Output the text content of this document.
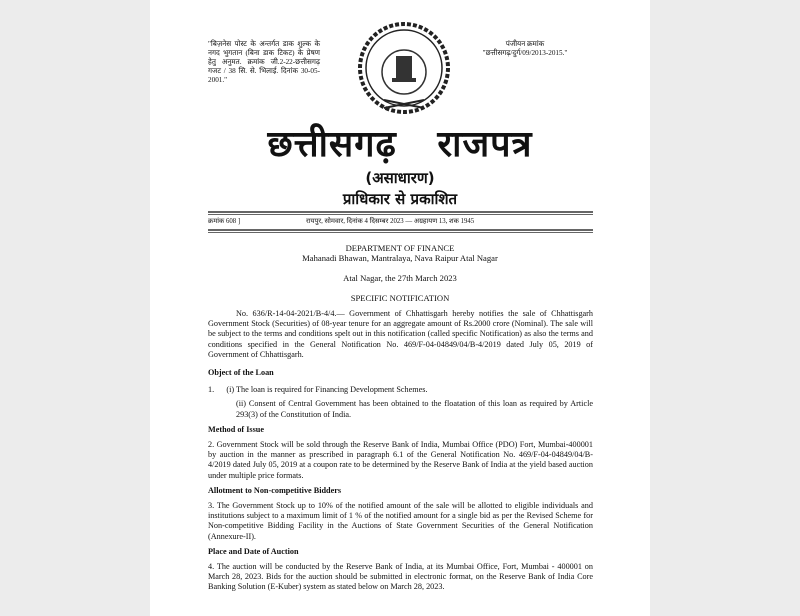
"बिज़नेस पोस्ट के अन्तर्गत डाक शुल्क के नगद भुगतान (बिना डाक टिकट) के प्रेषण हेतु अनुमत. क्रमांक जी.2-22-छत्तीसगढ़ गजट / 38 सि. से. भिलाई. दिनांक 30-05-2001."
पंजीयन क्रमांक
"छत्तीसगढ़/दुर्ग/09/2013-2015."
छत्तीसगढ़   राजपत्र
(असाधारण)
प्राधिकार से प्रकाशित
क्रमांक 608 ]	रायपुर, सोमवार, दिनांक 4 दिसम्बर 2023 — अग्रहायण 13, शक 1945
DEPARTMENT OF FINANCE
Mahanadi Bhawan, Mantralaya, Nava Raipur Atal Nagar
Atal Nagar, the 27th March 2023
SPECIFIC NOTIFICATION

No. 636/R-14-04-2021/B-4/4.— Government of Chhattisgarh hereby notifies the sale of Chhattisgarh Government Stock (Securities) of 08-year tenure for an aggregate amount of Rs.2000 crore (Nominal). The sale will be subject to the terms and conditions spelt out in this notification (called specific Notification) as also the terms and conditions specified in the General Notification No. 469/F-04-04849/04/B-4/2019 dated July 05, 2019 of Government of Chhattisgarh.

Object of the Loan

1.      (i) The loan is required for Financing Development Schemes.

(ii) Consent of Central Government has been obtained to the floatation of this loan as required by Article 293(3) of the Constitution of India.

Method of Issue

2. Government Stock will be sold through the Reserve Bank of India, Mumbai Office (PDO) Fort, Mumbai-400001 by auction in the manner as prescribed in paragraph 6.1 of the General Notification No. 469/F-04-04849/04/B-4/2019 dated July 05, 2019 at a coupon rate to be determined by the Reserve Bank of India at the yield based auction under multiple price formats.

Allotment to Non-competitive Bidders

3. The Government Stock up to 10% of the notified amount of the sale will be allotted to eligible individuals and institutions subject to a maximum limit of 1 % of the notified amount for a single bid as per the Revised Scheme for Non-competitive Bidding Facility in the Auctions of State Government Securities of the General Notification (Annexure-II).

Place and Date of Auction

4. The auction will be conducted by the Reserve Bank of India, at its Mumbai Office, Fort, Mumbai - 400001 on March 28, 2023. Bids for the auction should be submitted in electronic format, on the Reserve Bank of India Core Banking Solution (E-Kuber) system as stated below on March 28, 2023.
